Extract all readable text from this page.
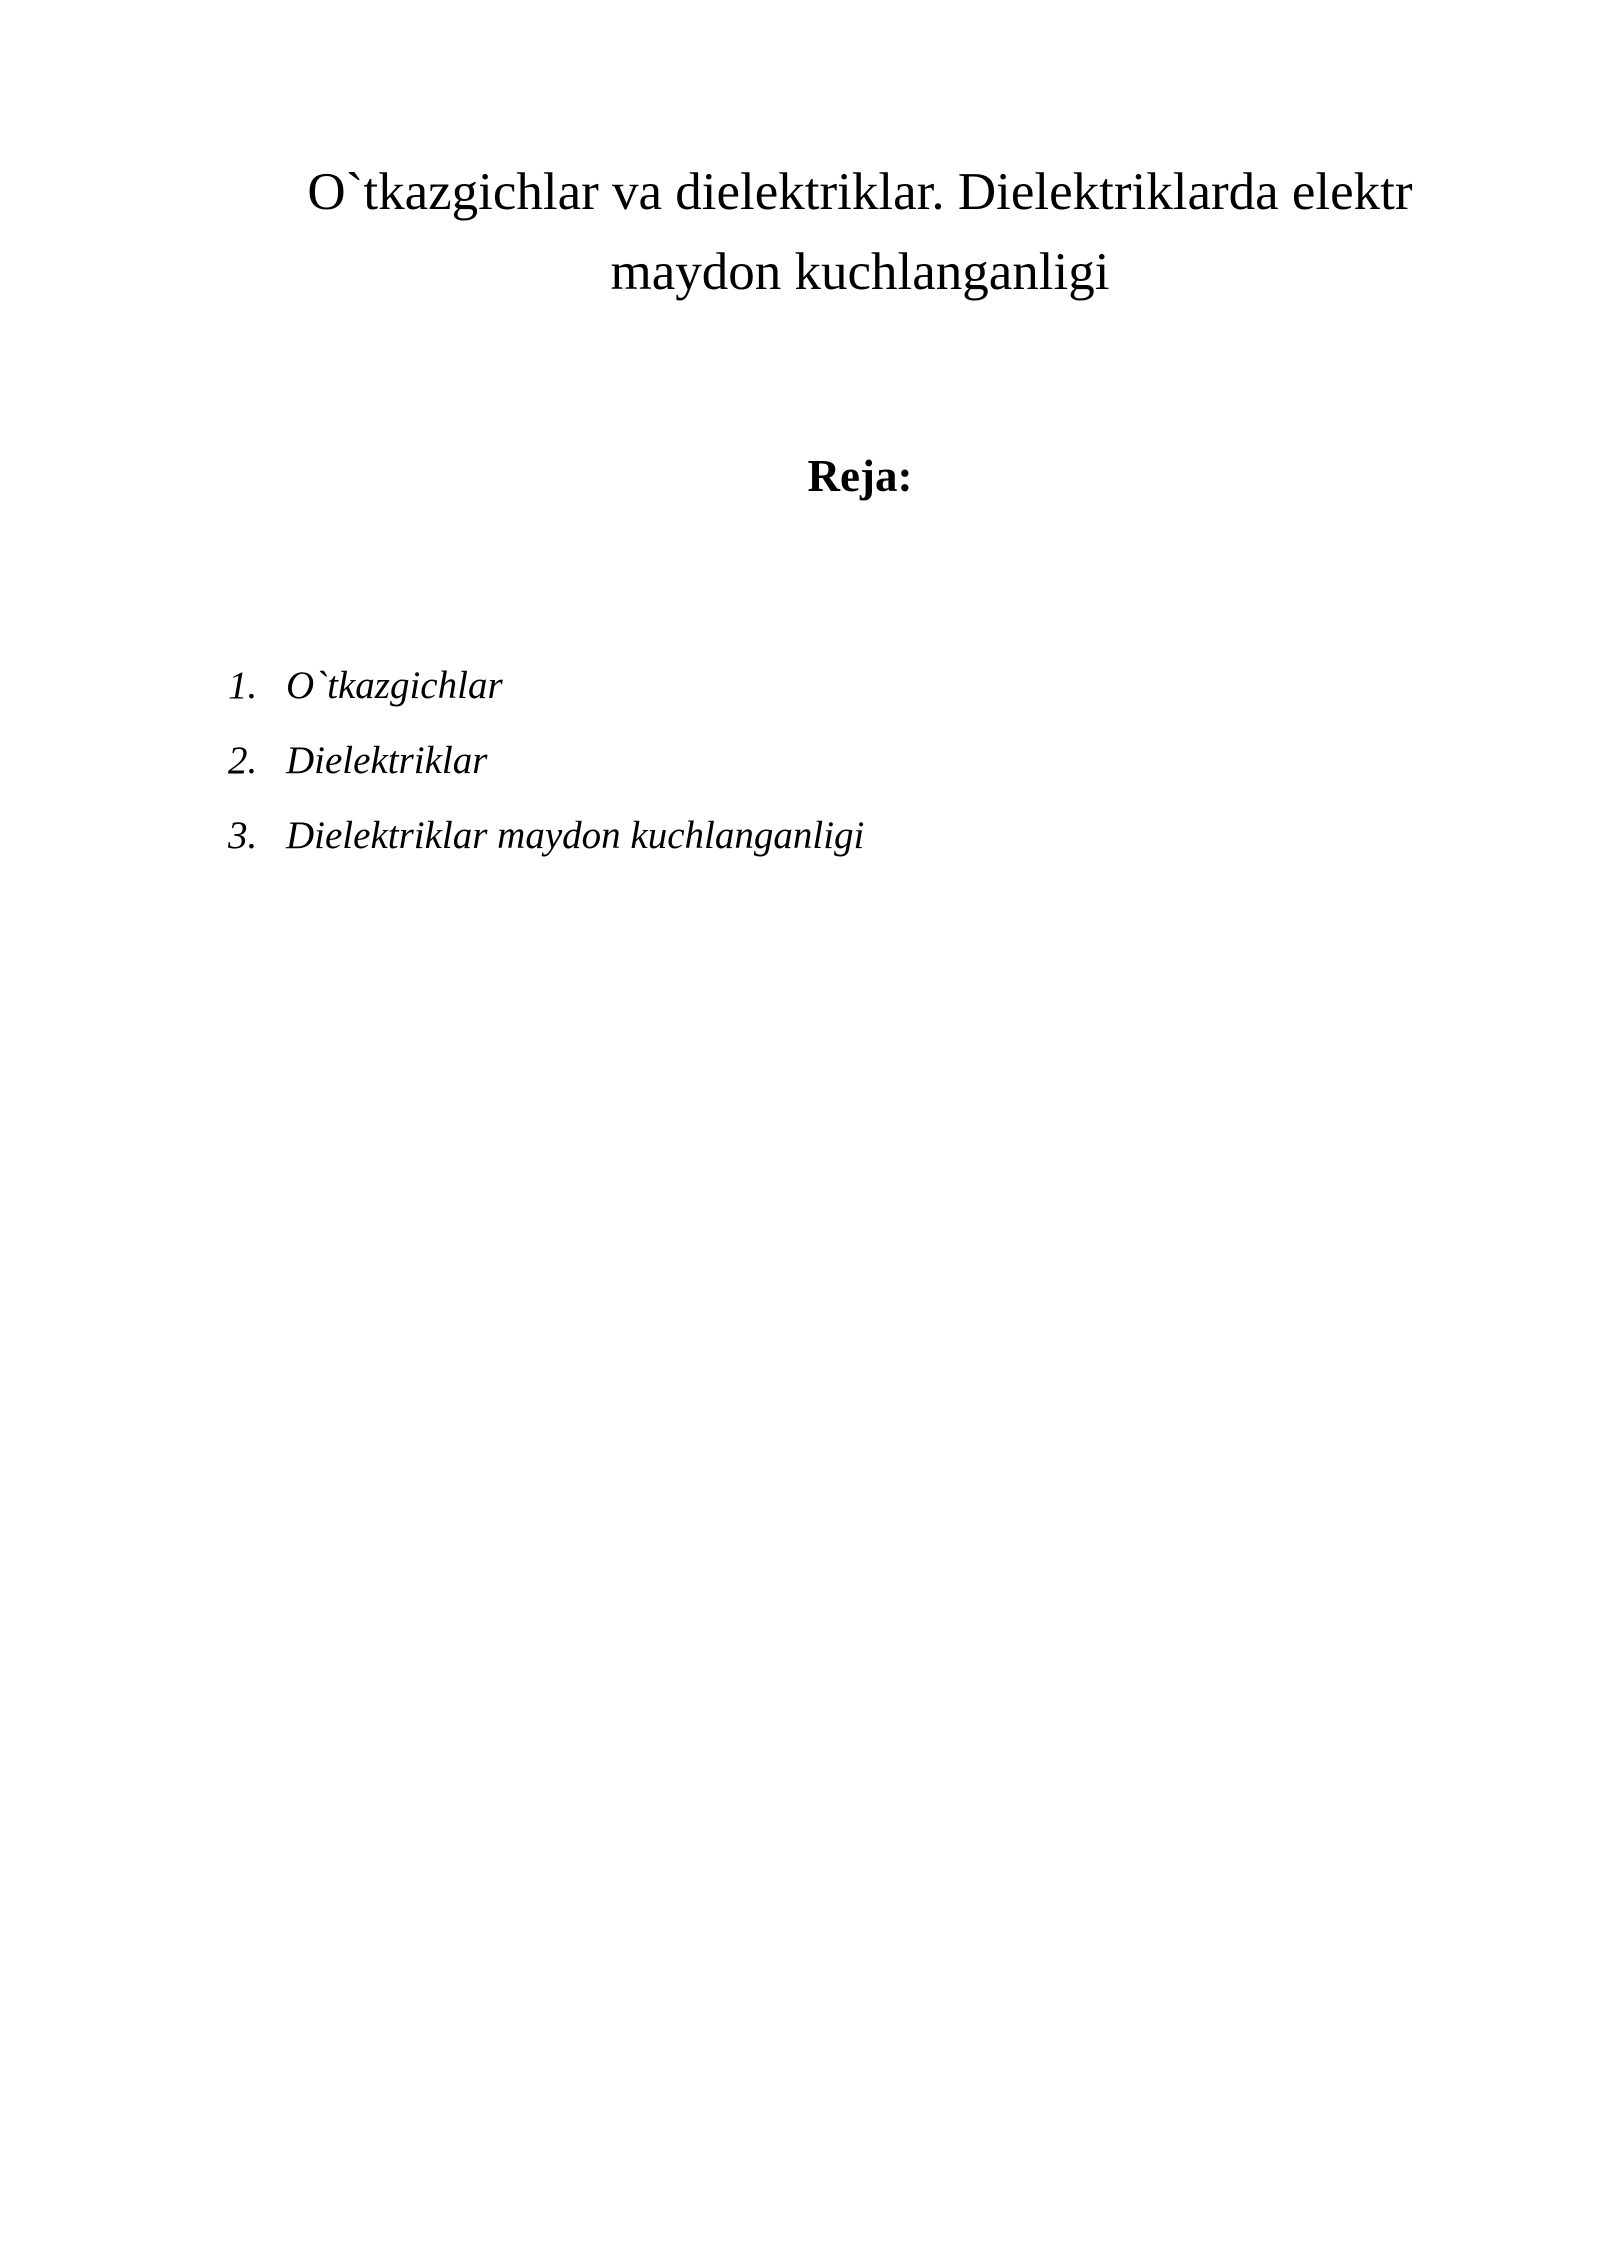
O`tkazgichlar va dielektriklar. Dielektriklarda elektr
maydon kuchlanganligi
Reja:
1. O`tkazgichlar
2. Dielektriklar
3. Dielektriklar maydon kuchlanganligi
